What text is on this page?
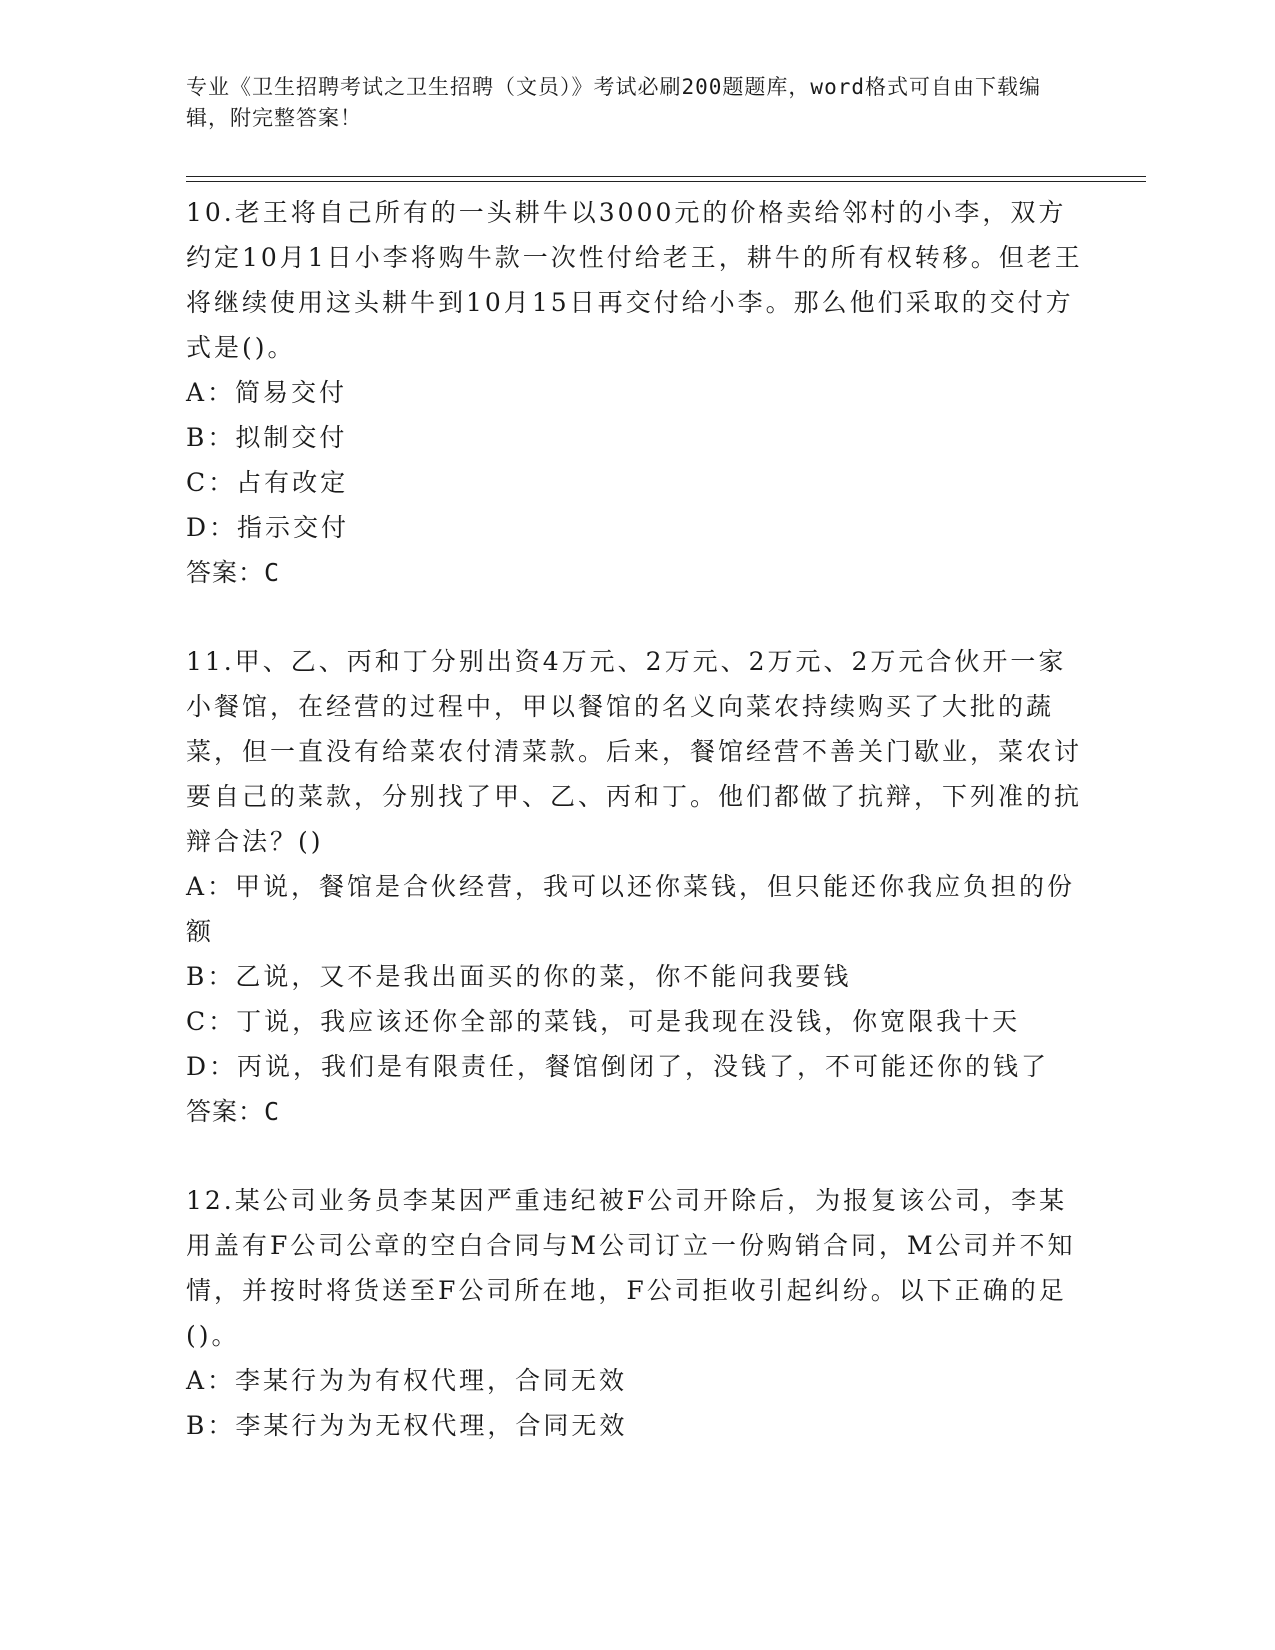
专业《卫生招聘考试之卫生招聘（文员）》考试必刷200题题库，word格式可自由下载编辑，附完整答案！

10.老王将自己所有的一头耕牛以3000元的价格卖给邻村的小李，双方约定10月1日小李将购牛款一次性付给老王，耕牛的所有权转移。但老王将继续使用这头耕牛到10月15日再交付给小李。那么他们采取的交付方式是()。

A：简易交付

B：拟制交付

C：占有改定

D：指示交付

答案：C

11.甲、乙、丙和丁分别出资4万元、2万元、2万元、2万元合伙开一家小餐馆，在经营的过程中，甲以餐馆的名义向菜农持续购买了大批的蔬菜，但一直没有给菜农付清菜款。后来，餐馆经营不善关门歇业，菜农讨要自己的菜款，分别找了甲、乙、丙和丁。他们都做了抗辩，下列准的抗辩合法？()

A：甲说，餐馆是合伙经营，我可以还你菜钱，但只能还你我应负担的份额

B：乙说，又不是我出面买的你的菜，你不能问我要钱

C：丁说，我应该还你全部的菜钱，可是我现在没钱，你宽限我十天

D：丙说，我们是有限责任，餐馆倒闭了，没钱了，不可能还你的钱了

答案：C

12.某公司业务员李某因严重违纪被F公司开除后，为报复该公司，李某用盖有F公司公章的空白合同与M公司订立一份购销合同，M公司并不知情，并按时将货送至F公司所在地，F公司拒收引起纠纷。以下正确的足()。

A：李某行为为有权代理，合同无效

B：李某行为为无权代理，合同无效
